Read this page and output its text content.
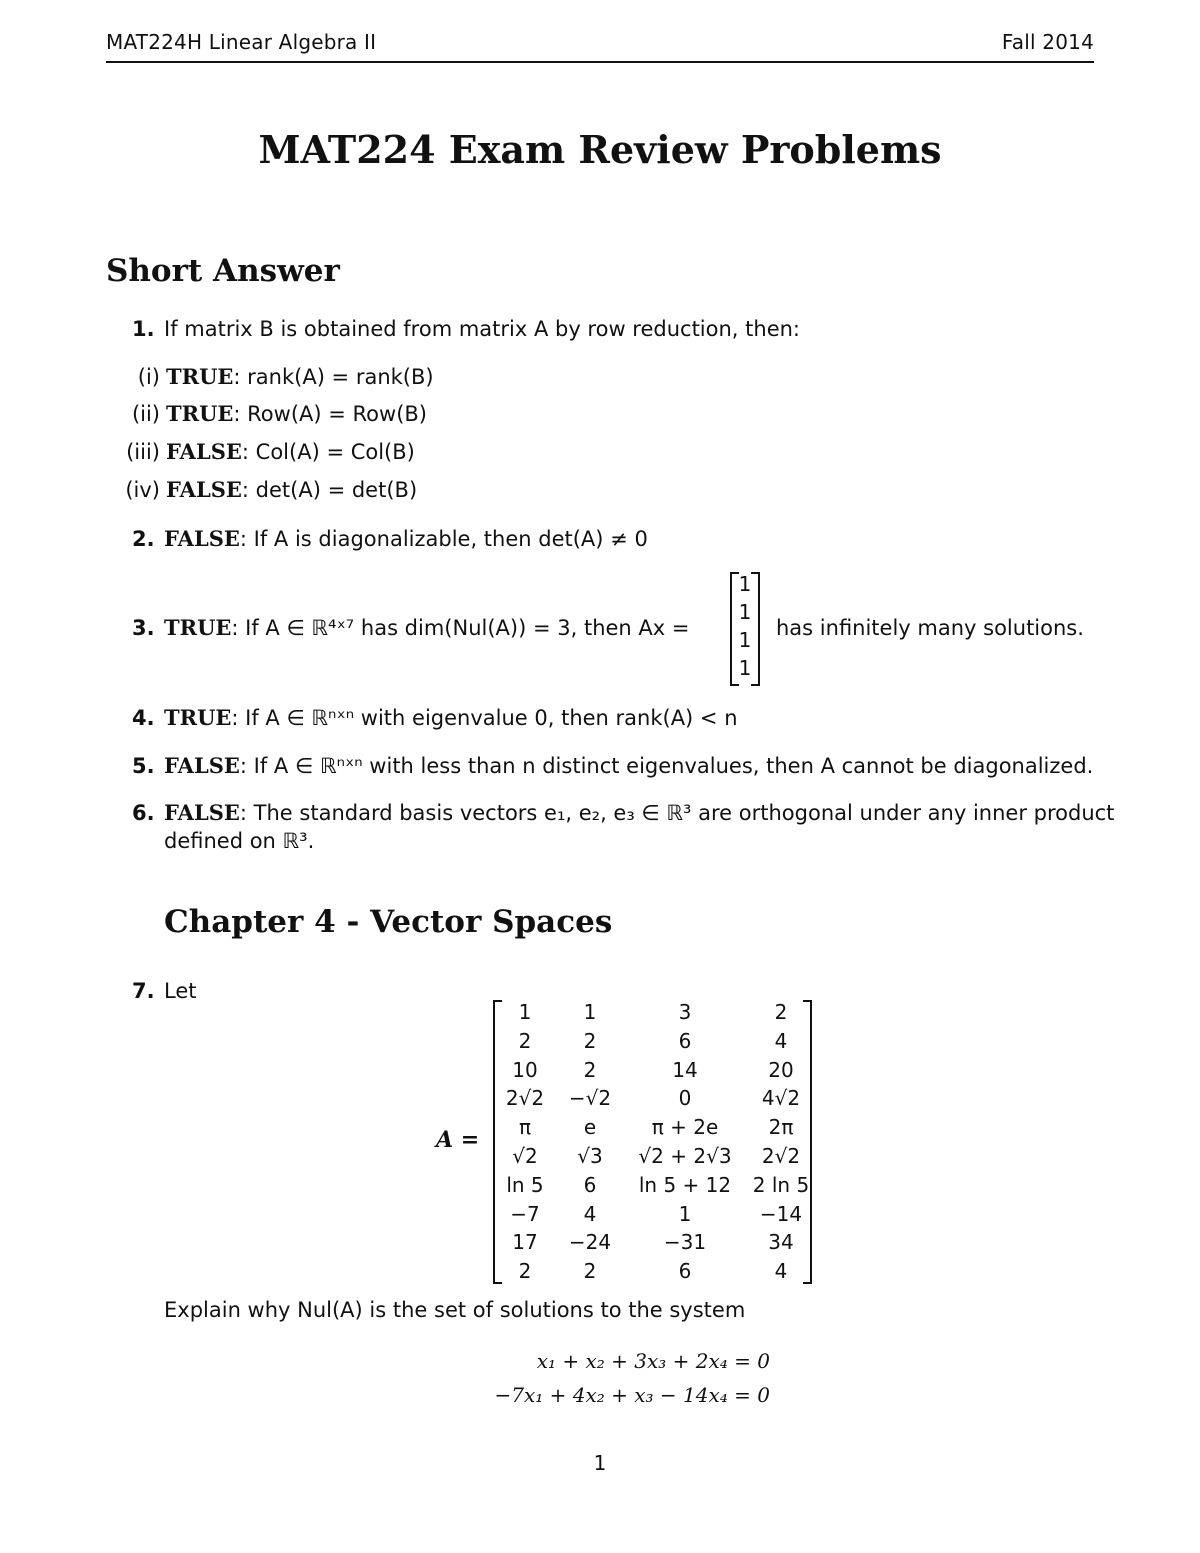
MAT224H Linear Algebra II	Fall 2014
MAT224 Exam Review Problems
Short Answer
1. If matrix B is obtained from matrix A by row reduction, then:
(i) TRUE: rank(A) = rank(B)
(ii) TRUE: Row(A) = Row(B)
(iii) FALSE: Col(A) = Col(B)
(iv) FALSE: det(A) = det(B)
2. FALSE: If A is diagonalizable, then det(A) ≠ 0
3. TRUE: If A ∈ ℝ⁴ˣ⁷ has dim(Nul(A)) = 3, then Ax =
1
1
1
1
has infinitely many solutions.
4. TRUE: If A ∈ ℝⁿˣⁿ with eigenvalue 0, then rank(A) < n
5. FALSE: If A ∈ ℝⁿˣⁿ with less than n distinct eigenvalues, then A cannot be diagonalized.
6. FALSE: The standard basis vectors e₁, e₂, e₃ ∈ ℝ³ are orthogonal under any inner product
defined on ℝ³.
Chapter 4 - Vector Spaces
7. Let
A =
1	1	3	2
2	2	6	4
10	2	14	20
2√2	−√2	0	4√2
π	e	π + 2e	2π
√2	√3	√2 + 2√3	2√2
ln 5	6	ln 5 + 12	2 ln 5
−7	4	1	−14
17	−24	−31	34
2	2	6	4
Explain why Nul(A) is the set of solutions to the system
x₁ + x₂ + 3x₃ + 2x₄ = 0
−7x₁ + 4x₂ + x₃ − 14x₄ = 0
1
